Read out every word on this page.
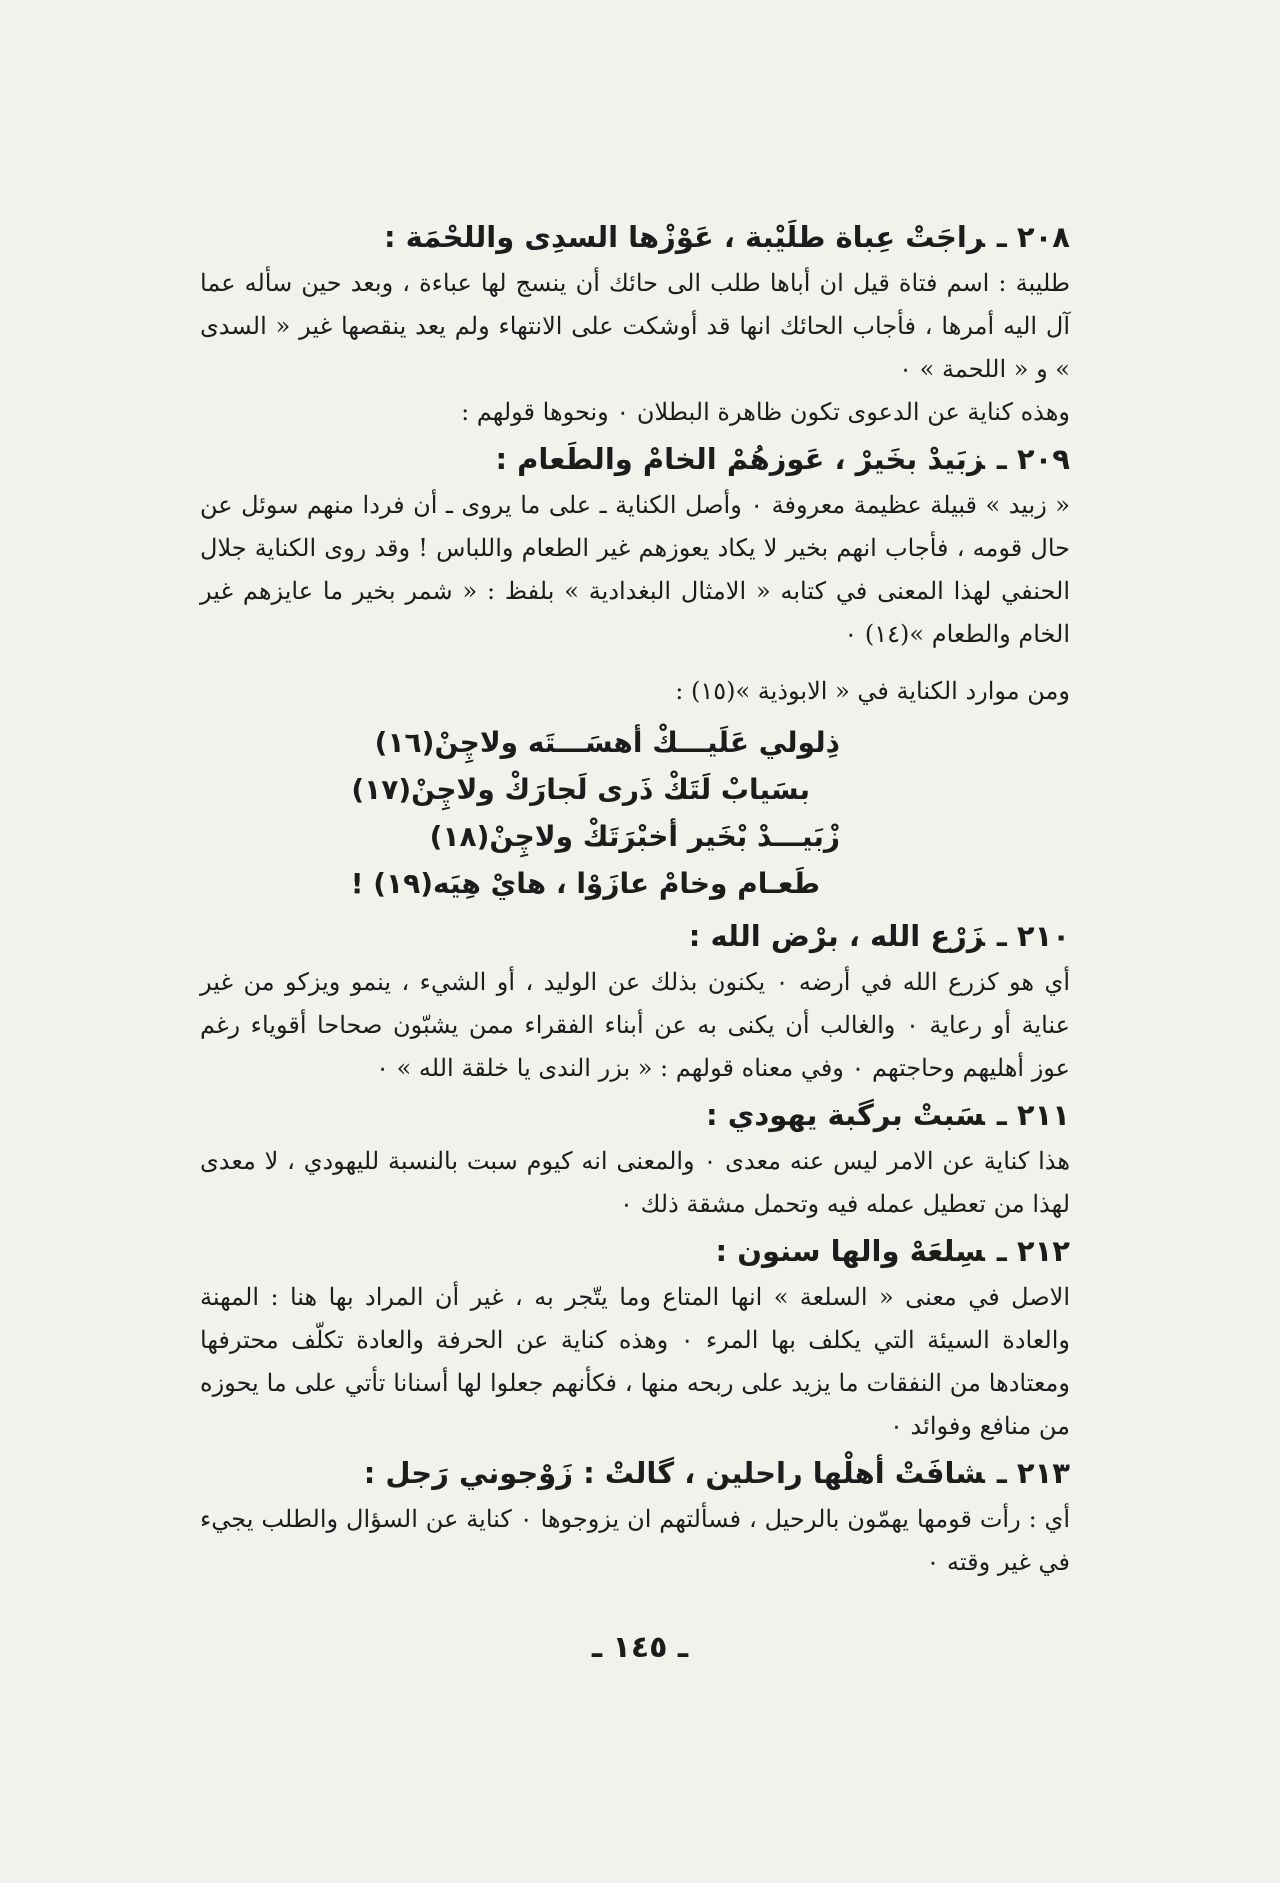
٢٠٨ ـراجَتْ عِباة طلَيْبة ، عَوْزْها السدِى واللحْمَة :

طليبة : اسم فتاة قيل ان أباها طلب الى حائك أن ينسج لها عباءة ، وبعد حين سأله عما آل اليه أمرها ، فأجاب الحائك انها قد أوشكت على الانتهاء ولم يعد ينقصها غير « السدى » و « اللحمة » ٠

وهذه كناية عن الدعوى تكون ظاهرة البطلان ٠ ونحوها قولهم :

٢٠٩ ـزبَيدْ بخَيرْ ، عَوزهُمْ الخامْ والطَعام :

« زبيد » قبيلة عظيمة معروفة ٠ وأصل الكناية ـ على ما يروى ـ أن فردا منهم سوئل عن حال قومه ، فأجاب انهم بخير لا يكاد يعوزهم غير الطعام واللباس ! وقد روى الكناية جلال الحنفي لهذا المعنى في كتابه « الامثال البغدادية » بلفظ : « شمر بخير ما عايزهم غير الخام والطعام »(١٤) ٠

ومن موارد الكناية في « الابوذية »(١٥) :

ذِلولي عَلَيـــكْ أهسَـــتَه ولاچِنْ(١٦)
بسَيابْ لَتَكْ ذَرى لَجارَكْ ولاچِنْ(١٧)
زْبَيـــدْ بْخَير أخبْرَتَكْ ولاچِنْ(١٨)
طَعـام وخامْ عازَوْا ، هايْ هِيَه(١٩) !

٢١٠ ـزَرْع الله ، برْض الله :

أي هو كزرع الله في أرضه ٠ يكنون بذلك عن الوليد ، أو الشيء ، ينمو ويزكو من غير عناية أو رعاية ٠ والغالب أن يكنى به عن أبناء الفقراء ممن يشبّون صحاحا أقوياء رغم عوز أهليهم وحاجتهم ٠ وفي معناه قولهم : « بزر الندى يا خلقة الله » ٠

٢١١ ـسَبتْ برگبة يهودي :

هذا كناية عن الامر ليس عنه معدى ٠ والمعنى انه كيوم سبت بالنسبة لليهودي ، لا معدى لهذا من تعطيل عمله فيه وتحمل مشقة ذلك ٠

٢١٢ ـسِلعَهْ والها سنون :

الاصل في معنى « السلعة » انها المتاع وما يتّجر به ، غير أن المراد بها هنا : المهنة والعادة السيئة التي يكلف بها المرء ٠ وهذه كناية عن الحرفة والعادة تكلّف محترفها ومعتادها من النفقات ما يزيد على ربحه منها ، فكأنهم جعلوا لها أسنانا تأتي على ما يحوزه من منافع وفوائد ٠

٢١٣ ـشافَتْ أهلْها راحلين ، گالتْ : زَوْجوني رَجل :

أي : رأت قومها يهمّون بالرحيل ، فسألتهم ان يزوجوها ٠ كناية عن السؤال والطلب يجيء في غير وقته ٠

ـ ١٤٥ ـ
